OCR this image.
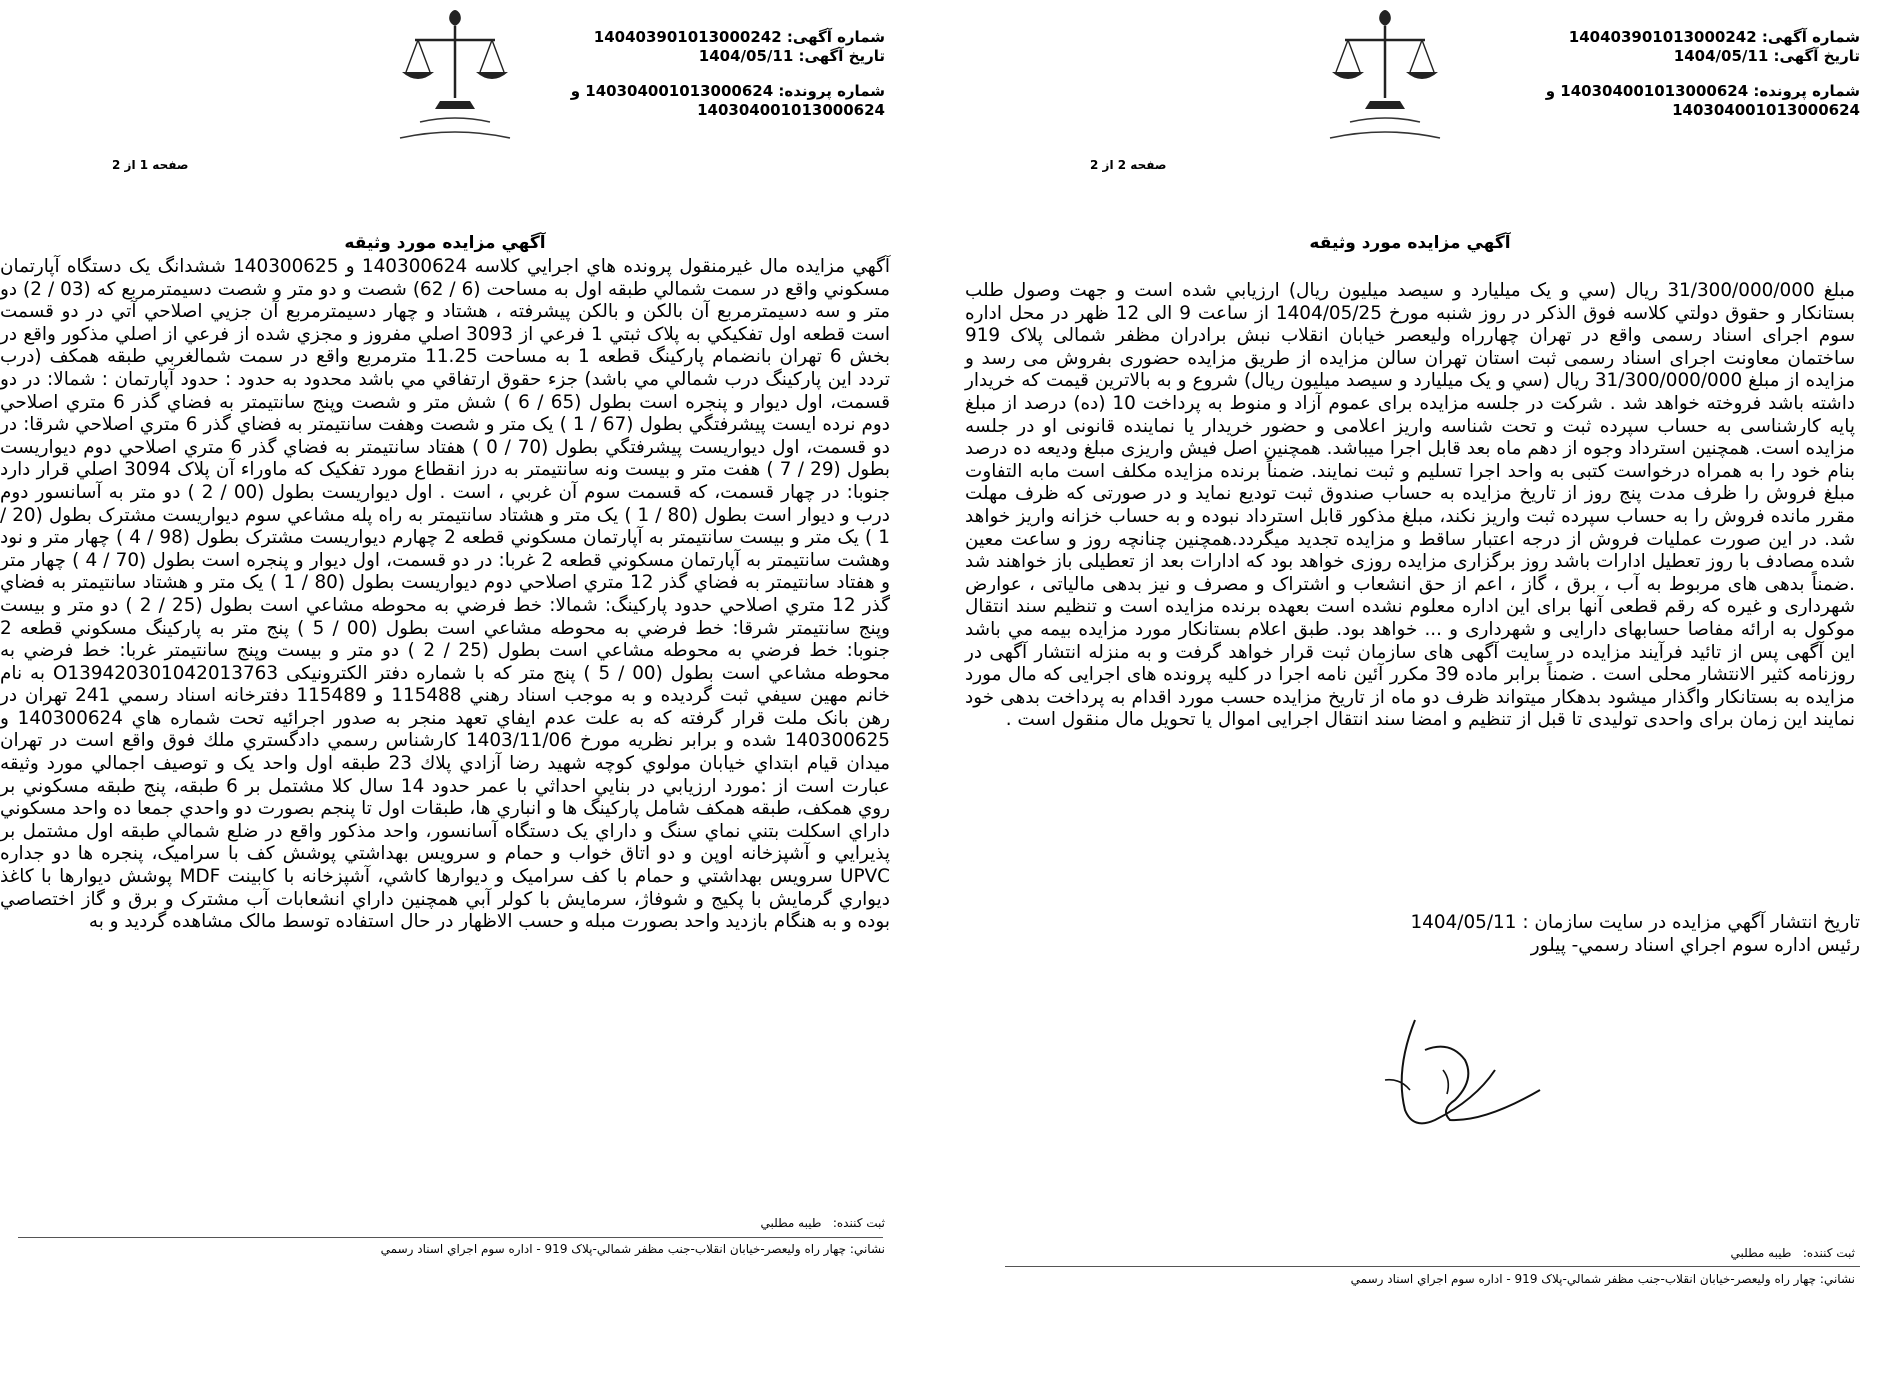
شماره آگهی: 140403901013000242
تاریخ آگهی: 1404/05/11
شماره پرونده: 140304001013000624 و
140304001013000624
صفحه 1 از 2
آگهي مزايده مورد وثيقه
آگهي مزايده مال غيرمنقول پرونده هاي اجرايي كلاسه 140300624 و 140300625 ششدانگ يک دستگاه آپارتمان مسکوني واقع در سمت شمالي طبقه اول به مساحت (6 / 62) شصت و دو متر و شصت دسيمترمربع که (03 / 2) دو متر و سه دسيمترمربع آن بالکن و بالکن پيشرفته ، هشتاد و چهار دسيمترمربع آن جزيي اصلاحي آتي در دو قسمت است قطعه اول تفکيکي به پلاک ثبتي 1 فرعي از 3093 اصلي مفروز و مجزي شده از فرعي از اصلي مذکور واقع در بخش 6 تهران بانضمام پارکينگ قطعه 1 به مساحت 11.25 مترمربع واقع در سمت شمالغربي طبقه همکف (درب تردد اين پارکينگ درب شمالي مي باشد) جزء حقوق ارتفاقي مي باشد محدود به حدود : حدود آپارتمان : شمالا: در دو قسمت، اول ديوار و پنجره است بطول (65 / 6 ) شش متر و شصت وپنج سانتيمتر به فضاي گذر 6 متري اصلاحي دوم نرده ايست پيشرفتگي بطول (67 / 1 ) يک متر و شصت وهفت سانتيمتر به فضاي گذر 6 متري اصلاحي شرقا: در دو قسمت، اول ديواريست پيشرفتگي بطول (70 / 0 ) هفتاد سانتيمتر به فضاي گذر 6 متري اصلاحي دوم ديواريست بطول (29 / 7 ) هفت متر و بيست ونه سانتيمتر به درز انقطاع مورد تفکيک که ماوراء آن پلاک 3094 اصلي قرار دارد جنوبا: در چهار قسمت، که قسمت سوم آن غربي ، است . اول ديواريست بطول (00 / 2 ) دو متر به آسانسور دوم درب و ديوار است بطول (80 / 1 ) يک متر و هشتاد سانتيمتر به راه پله مشاعي سوم ديواريست مشترک بطول (20 / 1 ) يک متر و بيست سانتيمتر به آپارتمان مسکوني قطعه 2 چهارم ديواريست مشترک بطول (98 / 4 ) چهار متر و نود وهشت سانتيمتر به آپارتمان مسکوني قطعه 2 غربا: در دو قسمت، اول ديوار و پنجره است بطول (70 / 4 ) چهار متر و هفتاد سانتيمتر به فضاي گذر 12 متري اصلاحي دوم ديواريست بطول (80 / 1 ) يک متر و هشتاد سانتيمتر به فضاي گذر 12 متري اصلاحي حدود پارکينگ: شمالا: خط فرضي به محوطه مشاعي است بطول (25 / 2 ) دو متر و بيست وپنج سانتيمتر شرقا: خط فرضي به محوطه مشاعي است بطول (00 / 5 ) پنج متر به پارکينگ مسکوني قطعه 2 جنوبا: خط فرضي به محوطه مشاعي است بطول (25 / 2 ) دو متر و بيست وپنج سانتيمتر غربا: خط فرضي به محوطه مشاعي است بطول (00 / 5 ) پنج متر که با شماره دفتر الکترونيکی O139420301042013763 به نام خانم مهين سيفي ثبت گرديده و به موجب اسناد رهني 115488 و 115489 دفترخانه اسناد رسمي 241 تهران در رهن بانک ملت قرار گرفته که به علت عدم ايفاي تعهد منجر به صدور اجرائيه تحت شماره هاي 140300624 و 140300625 شده و برابر نظريه مورخ 1403/11/06 کارشناس رسمي دادگستري ملك فوق واقع است در تهران ميدان قيام ابتداي خيابان مولوي كوچه شهيد رضا آزادي پلاك 23 طبقه اول واحد يک و توصيف اجمالي مورد وثيقه عبارت است از :مورد ارزيابي در بنايي احداثي با عمر حدود 14 سال كلا مشتمل بر 6 طبقه، پنج طبقه مسكوني بر روي همكف، طبقه همكف شامل پاركينگ ها و انباري ها، طبقات اول تا پنجم بصورت دو واحدي جمعا ده واحد مسكوني داراي اسكلت بتني نماي سنگ و داراي يک دستگاه آسانسور، واحد مذكور واقع در ضلع شمالي طبقه اول مشتمل بر پذيرايي و آشپزخانه اوپن و دو اتاق خواب و حمام و سرويس بهداشتي پوشش كف با سراميک، پنجره ها دو جداره UPVC سرويس بهداشتي و حمام با كف سراميک و ديوارها كاشي، آشپزخانه با كابينت MDF پوشش ديوارها با كاغذ ديواري گرمايش با پكيج و شوفاژ، سرمايش با كولر آبي همچنين داراي انشعابات آب مشترک و برق و گاز اختصاصي بوده و به هنگام بازديد واحد بصورت مبله و حسب الاظهار در حال استفاده توسط مالک مشاهده گرديد و به
ثبت كننده:   طيبه مطلبي
نشاني: چهار راه وليعصر-خيابان انقلاب-جنب مظفر شمالي-پلاک 919 - اداره سوم اجراي اسناد رسمي
شماره آگهی: 140403901013000242
تاریخ آگهی: 1404/05/11
شماره پرونده: 140304001013000624 و
140304001013000624
صفحه 2 از 2
آگهي مزايده مورد وثيقه
مبلغ 31/300/000/000 ريال (سي و يک ميليارد و سيصد ميليون ريال) ارزيابي شده است و جهت وصول طلب بستانكار و حقوق دولتي كلاسه فوق الذكر در روز شنبه مورخ 1404/05/25 از ساعت 9 الی 12 ظهر در محل اداره سوم اجرای اسناد رسمی واقع در تهران چهارراه وليعصر خيابان انقلاب نبش برادران مظفر شمالی پلاک 919 ساختمان معاونت اجرای اسناد رسمی ثبت استان تهران سالن مزايده از طريق مزايده حضوری بفروش می رسد و مزايده از مبلغ 31/300/000/000 ريال (سي و يک ميليارد و سيصد ميليون ريال) شروع و به بالاترين قيمت كه خريدار داشته باشد فروخته خواهد شد . شركت در جلسه مزايده برای عموم آزاد و منوط به پرداخت 10 (ده) درصد از مبلغ پايه كارشناسی به حساب سپرده ثبت و تحت شناسه واريز اعلامی و حضور خريدار يا نماينده قانونی او در جلسه مزايده است. همچنين استرداد وجوه از دهم ماه بعد قابل اجرا ميباشد. همچنين اصل فيش واريزی مبلغ وديعه ده درصد بنام خود را به همراه درخواست كتبی به واحد اجرا تسليم و ثبت نمايند. ضمناً برنده مزايده مكلف است مابه التفاوت مبلغ فروش را ظرف مدت پنج روز از تاريخ مزايده به حساب صندوق ثبت توديع نمايد و در صورتی كه ظرف مهلت مقرر مانده فروش را به حساب سپرده ثبت واريز نكند، مبلغ مذكور قابل استرداد نبوده و به حساب خزانه واريز خواهد شد. در اين صورت عمليات فروش از درجه اعتبار ساقط و مزايده تجديد ميگردد.همچنين چنانچه روز و ساعت معين شده مصادف با روز تعطيل ادارات باشد روز برگزاری مزايده روزی خواهد بود كه ادارات بعد از تعطيلی باز خواهند شد .ضمناً بدهی های مربوط به آب ، برق ، گاز ، اعم از حق انشعاب و اشتراک و مصرف و نيز بدهی مالياتی ، عوارض شهرداری و غيره كه رقم قطعی آنها برای اين اداره معلوم نشده است بعهده برنده مزايده است و تنظيم سند انتقال موكول به ارائه مفاصا حسابهای دارايی و شهرداری و ... خواهد بود. طبق اعلام بستانكار مورد مزايده بيمه مي باشد اين آگهی پس از تائيد فرآيند مزايده در سايت آگهی های سازمان ثبت قرار خواهد گرفت و به منزله انتشار آگهی در روزنامه كثير الانتشار محلی است . ضمناً برابر ماده 39 مكرر آئين نامه اجرا در كليه پرونده های اجرايی كه مال مورد مزايده به بستانكار واگذار ميشود بدهكار ميتواند ظرف دو ماه از تاريخ مزايده حسب مورد اقدام به پرداخت بدهی خود نمايند اين زمان برای واحدی توليدی تا قبل از تنظيم و امضا سند انتقال اجرايی اموال يا تحويل مال منقول است .
تاريخ انتشار آگهي مزايده در سايت سازمان : 1404/05/11
رئيس اداره سوم اجراي اسناد رسمي- پيلور
ثبت كننده:   طيبه مطلبي
نشاني: چهار راه وليعصر-خيابان انقلاب-جنب مظفر شمالي-پلاک 919 - اداره سوم اجراي اسناد رسمي
